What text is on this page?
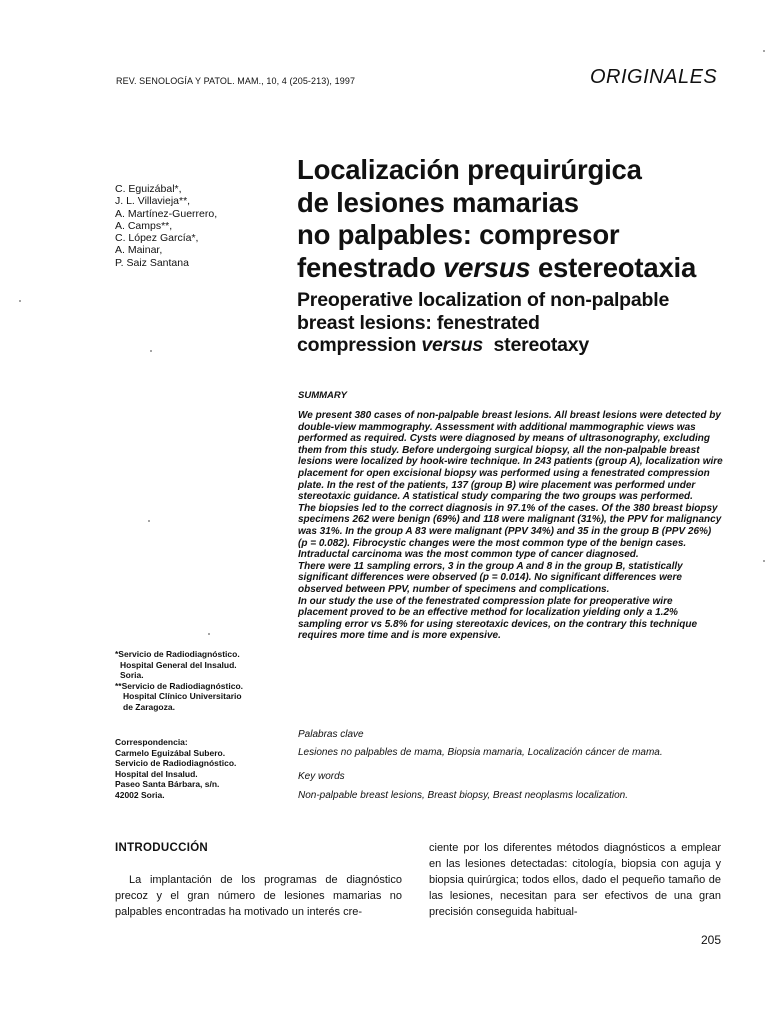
REV. SENOLOGÍA Y PATOL. MAM., 10, 4 (205-213), 1997	ORIGINALES
C. Eguizábal*,
J. L. Villavieja**,
A. Martínez-Guerrero,
A. Camps**,
C. López García*,
A. Mainar,
P. Saiz Santana
Localización prequirúrgica
de lesiones mamarias
no palpables: compresor
fenestrado versus estereotaxia
Preoperative localization of non-palpable
breast lesions: fenestrated
compression versus  stereotaxy
SUMMARY

We present 380 cases of non-palpable breast lesions. All breast lesions were detected by double-view mammography. Assessment with additional mammographic views was performed as required. Cysts were diagnosed by means of ultrasonography, excluding them from this study. Before undergoing surgical biopsy, all the non-palpable breast lesions were localized by hook-wire technique. In 243 patients (group A), localization wire placement for open excisional biopsy was performed using a fenestrated compression plate. In the rest of the patients, 137 (group B) wire placement was performed under stereotaxic guidance. A statistical study comparing the two groups was performed.

The biopsies led to the correct diagnosis in 97.1% of the cases. Of the 380 breast biopsy specimens 262 were benign (69%) and 118 were malignant (31%), the PPV for malignancy was 31%. In the group A 83 were malignant (PPV 34%) and 35 in the group B (PPV 26%) (p = 0.082). Fibrocystic changes were the most common type of the benign cases. Intraductal carcinoma was the most common type of cancer diagnosed.

There were 11 sampling errors, 3 in the group A and 8 in the group B, statistically significant differences were observed (p = 0.014). No significant differences were observed between PPV, number of specimens and complications.

In our study the use of the fenestrated compression plate for preoperative wire placement proved to be an effective method for localization yielding only a 1.2% sampling error vs 5.8% for using stereotaxic devices, on the contrary this technique requires more time and is more expensive.

Palabras clave
Lesiones no palpables de mama, Biopsia mamaria, Localización cáncer de mama.
Key words
Non-palpable breast lesions, Breast biopsy, Breast neoplasms localization.
*Servicio de Radiodiagnóstico.
Hospital General del Insalud.
Soria.
**Servicio de Radiodiagnóstico.
Hospital Clínico Universitario
de Zaragoza.
Correspondencia:
Carmelo Eguizábal Subero.
Servicio de Radiodiagnóstico.
Hospital del Insalud.
Paseo Santa Bárbara, s/n.
42002 Soria.
INTRODUCCIÓN
La implantación de los programas de diagnóstico precoz y el gran número de lesiones mamarias no palpables encontradas ha motivado un interés cre-
ciente por los diferentes métodos diagnósticos a emplear en las lesiones detectadas: citología, biopsia con aguja y biopsia quirúrgica; todos ellos, dado el pequeño tamaño de las lesiones, necesitan para ser efectivos de una gran precisión conseguida habitual-
205
